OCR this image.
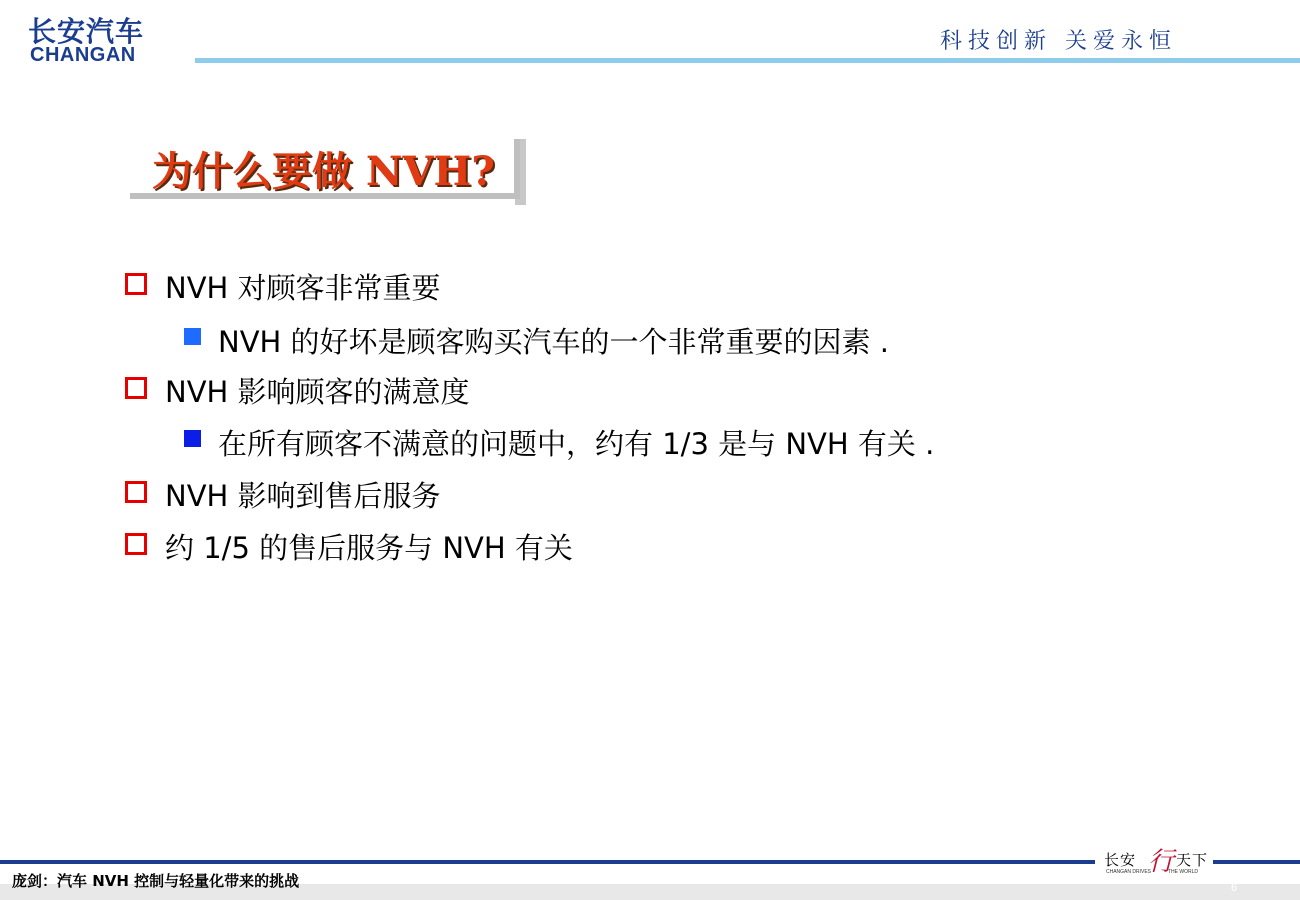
长安汽车
CHANGAN
科技创新 关爱永恒
为什么要做 NVH?
NVH 对顾客非常重要
NVH 的好坏是顾客购买汽车的一个非常重要的因素 .
NVH 影响顾客的满意度
在所有顾客不满意的问题中，约有 1/3 是与 NVH 有关 .
NVH 影响到售后服务
约 1/5 的售后服务与 NVH 有关
庞剑：汽车 NVH 控制与轻量化带来的挑战
长安 行 天下
CHANGAN DRIVES	THE WORLD
6
